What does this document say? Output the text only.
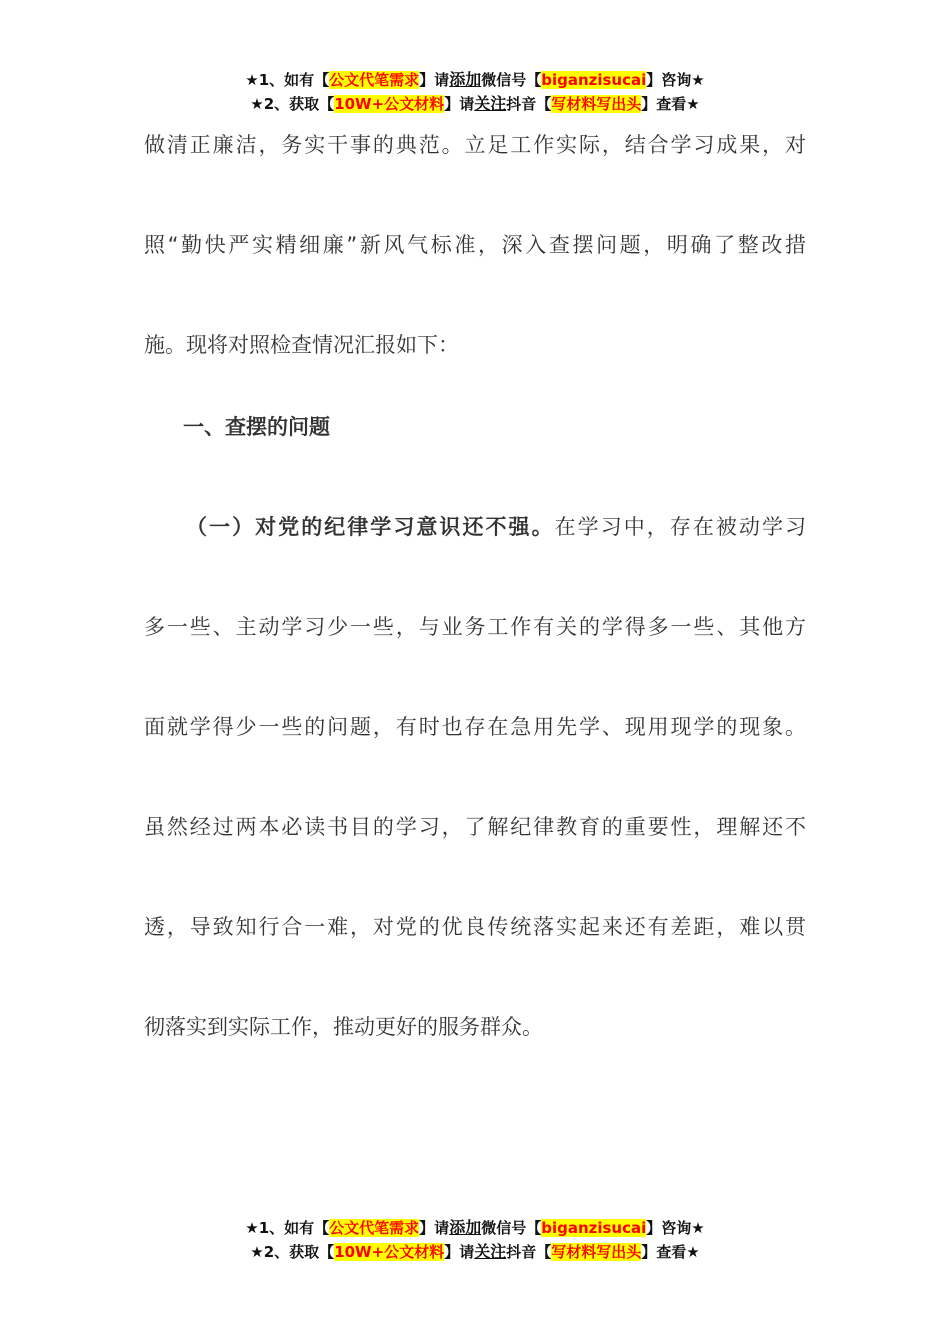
★1、如有【公文代笔需求】请添加微信号【biganzisucai】咨询★
★2、获取【10W+公文材料】请关注抖音【写材料写出头】查看★
做清正廉洁，务实干事的典范。立足工作实际，结合学习成果，对
照“勤快严实精细廉”新风气标准，深入查摆问题，明确了整改措
施。现将对照检查情况汇报如下：
一、查摆的问题
（一）对党的纪律学习意识还不强。在学习中，存在被动学习
多一些、主动学习少一些，与业务工作有关的学得多一些、其他方
面就学得少一些的问题，有时也存在急用先学、现用现学的现象。
虽然经过两本必读书目的学习，了解纪律教育的重要性，理解还不
透，导致知行合一难，对党的优良传统落实起来还有差距，难以贯
彻落实到实际工作，推动更好的服务群众。
★1、如有【公文代笔需求】请添加微信号【biganzisucai】咨询★
★2、获取【10W+公文材料】请关注抖音【写材料写出头】查看★
